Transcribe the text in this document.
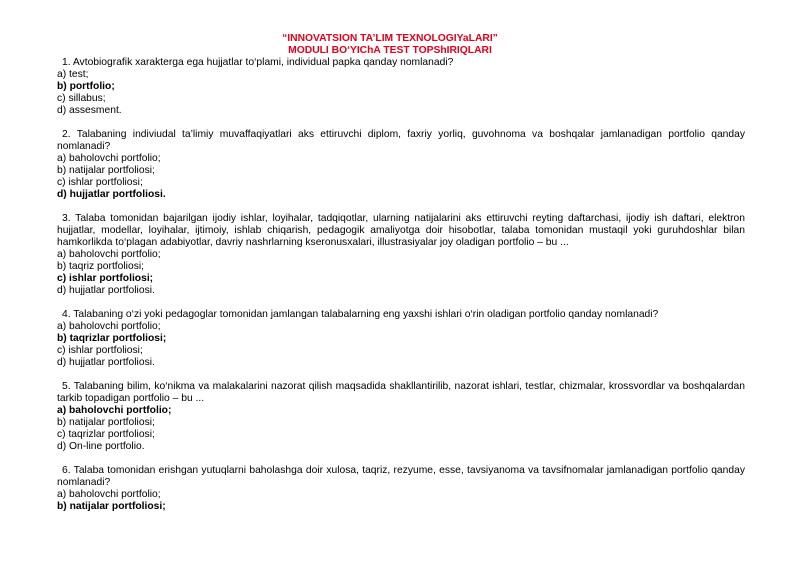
“INNOVATSION TA’LIM TEXNOLOGIYaLARI”
MODULI BO‘YIChA TEST TOPShIRIQLARI

1. Avtobiografik xarakterga ega hujjatlar to‘plami, individual papka qanday nomlanadi?

a) test;

b) portfolio;

c) sillabus;

d) assesment.

2. Talabaning indiviudal ta’limiy muvaffaqiyatlari aks ettiruvchi diplom, faxriy yorliq, guvohnoma va boshqalar jamlanadigan portfolio qanday nomlanadi?

a) baholovchi portfolio;

b) natijalar portfoliosi;

c) ishlar portfoliosi;

d) hujjatlar portfoliosi.

3. Talaba tomonidan bajarilgan ijodiy ishlar, loyihalar, tadqiqotlar, ularning natijalarini aks ettiruvchi reyting daftarchasi, ijodiy ish daftari, elektron hujjatlar, modellar, loyihalar, ijtimoiy, ishlab chiqarish, pedagogik amaliyotga doir hisobotlar, talaba tomonidan mustaqil yoki guruhdoshlar bilan hamkorlikda to‘plagan adabiyotlar, davriy nashrlarning kseronusxalari, illustrasiyalar joy oladigan portfolio – bu ...

a) baholovchi portfolio;

b) taqriz portfoliosi;

c) ishlar portfoliosi;

d) hujjatlar portfoliosi.

4. Talabaning o‘zi yoki pedagoglar tomonidan jamlangan talabalarning eng yaxshi ishlari o‘rin oladigan portfolio qanday nomlanadi?

a) baholovchi portfolio;

b) taqrizlar portfoliosi;

c) ishlar portfoliosi;

d) hujjatlar portfoliosi.

5. Talabaning bilim, ko‘nikma va malakalarini nazorat qilish maqsadida shakllantirilib, nazorat ishlari, testlar, chizmalar, krossvordlar va boshqalardan tarkib topadigan portfolio – bu ...

a) baholovchi portfolio;

b) natijalar portfoliosi;

c) taqrizlar portfoliosi;

d) On-line portfolio.

6. Talaba tomonidan erishgan yutuqlarni baholashga doir xulosa, taqriz, rezyume, esse, tavsiyanoma va tavsifnomalar jamlanadigan portfolio qanday nomlanadi?

a) baholovchi portfolio;

b) natijalar portfoliosi;
